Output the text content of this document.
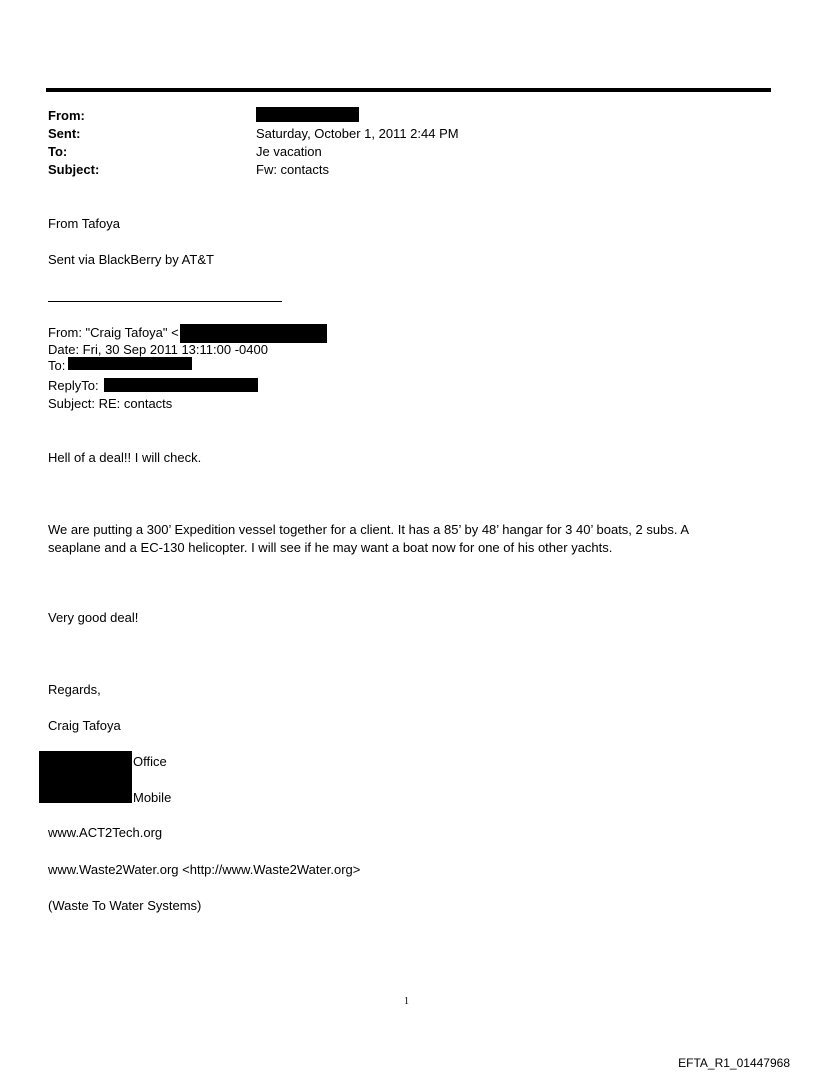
From:
Sent:	Saturday, October 1, 2011 2:44 PM
To:	Je vacation
Subject:	Fw: contacts
From Tafoya
Sent via BlackBerry by AT&T
From: "Craig Tafoya" <
Date: Fri, 30 Sep 2011 13:11:00 -0400
To:
ReplyTo:
Subject: RE: contacts
Hell of a deal!! I will check.
We are putting a 300’ Expedition vessel together for a client. It has a 85’ by 48’ hangar for 3 40’ boats, 2 subs. A
seaplane and a EC-130 helicopter. I will see if he may want a boat now for one of his other yachts.
Very good deal!
Regards,
Craig Tafoya
Office
Mobile
www.ACT2Tech.org
www.Waste2Water.org <http://www.Waste2Water.org>
(Waste To Water Systems)
1
EFTA_R1_01447968
